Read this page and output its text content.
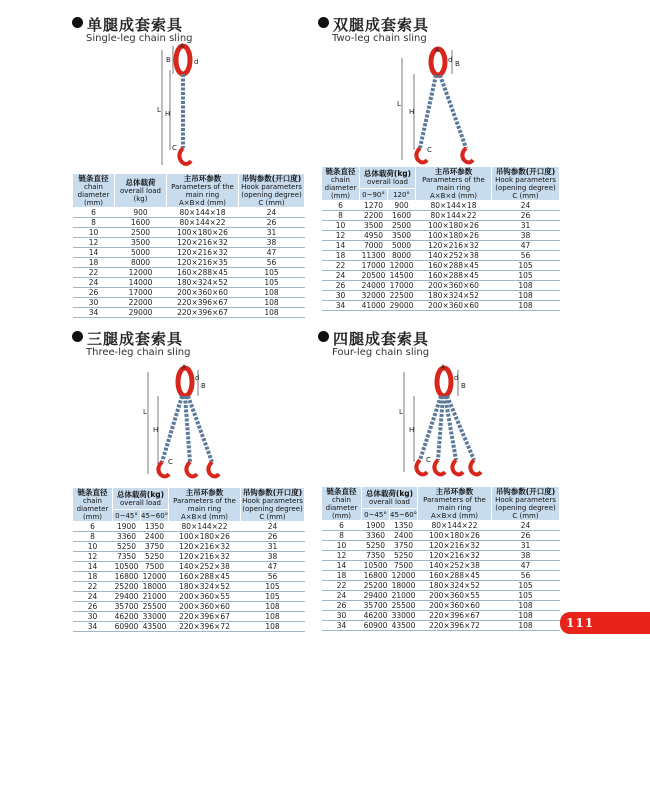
单腿成套索具
Single-leg chain sling
L H
B
A
d
C
链条直径
chain diameter (mm)	总体载荷
overall load (kg)	主吊环参数
Parameters of the main ring
A×B×d (mm)	吊钩参数(开口度)
Hook parameters (opening degree)
C (mm)
6	900	80×144×18	24
8	1600	80×144×22	26
10	2500	100×180×26	31
12	3500	120×216×32	38
14	5000	120×216×32	47
18	8000	120×216×35	56
22	12000	160×288×45	105
24	14000	180×324×52	105
26	17000	200×360×60	108
30	22000	220×396×67	108
34	29000	220×396×67	108
双腿成套索具
Two-leg chain sling
L
H
B
A
d
C
链条直径
chain diameter (mm)	总体载荷(kg)
overall load		主吊环参数
Parameters of the main ring
A×B×d (mm)	吊钩参数(开口度)
Hook parameters (opening degree)
C (mm)
	0~90°	120°		
6	1270	900	80×144×18	24
8	2200	1600	80×144×22	26
10	3500	2500	100×180×26	31
12	4950	3500	100×180×26	38
14	7000	5000	120×216×32	47
18	11300	8000	140×252×38	56
22	17000	12000	160×288×45	105
24	20500	14500	160×288×45	105
26	24000	17000	200×360×60	108
30	32000	22500	180×324×52	108
34	41000	29000	200×360×60	108
三腿成套索具
Three-leg chain sling
L
H
B
A
d
C
链条直径
chain diameter (mm)	总体载荷(kg)
overall load		主吊环参数
Parameters of the main ring
A×B×d (mm)	吊钩参数(开口度)
Hook parameters (opening degree)
C (mm)
	0~45°	45~60°		
6	1900	1350	80×144×22	24
8	3360	2400	100×180×26	26
10	5250	3750	120×216×32	31
12	7350	5250	120×216×32	38
14	10500	7500	140×252×38	47
18	16800	12000	160×288×45	56
22	25200	18000	180×324×52	105
24	29400	21000	200×360×55	105
26	35700	25500	200×360×60	108
30	46200	33000	220×396×67	108
34	60900	43500	220×396×72	108
四腿成套索具
Four-leg chain sling
L
H
B
A
d
C
链条直径
chain diameter (mm)	总体载荷(kg)
overall load		主吊环参数
Parameters of the main ring
A×B×d (mm)	吊钩参数(开口度)
Hook parameters (opening degree)
C (mm)
	0~45°	45~60°		
6	1900	1350	80×144×22	24
8	3360	2400	100×180×26	26
10	5250	3750	120×216×32	31
12	7350	5250	120×216×32	38
14	10500	7500	140×252×38	47
18	16800	12000	160×288×45	56
22	25200	18000	180×324×52	105
24	29400	21000	200×360×55	105
26	35700	25500	200×360×60	108
30	46200	33000	220×396×67	108
34	60900	43500	220×396×72	108	111
